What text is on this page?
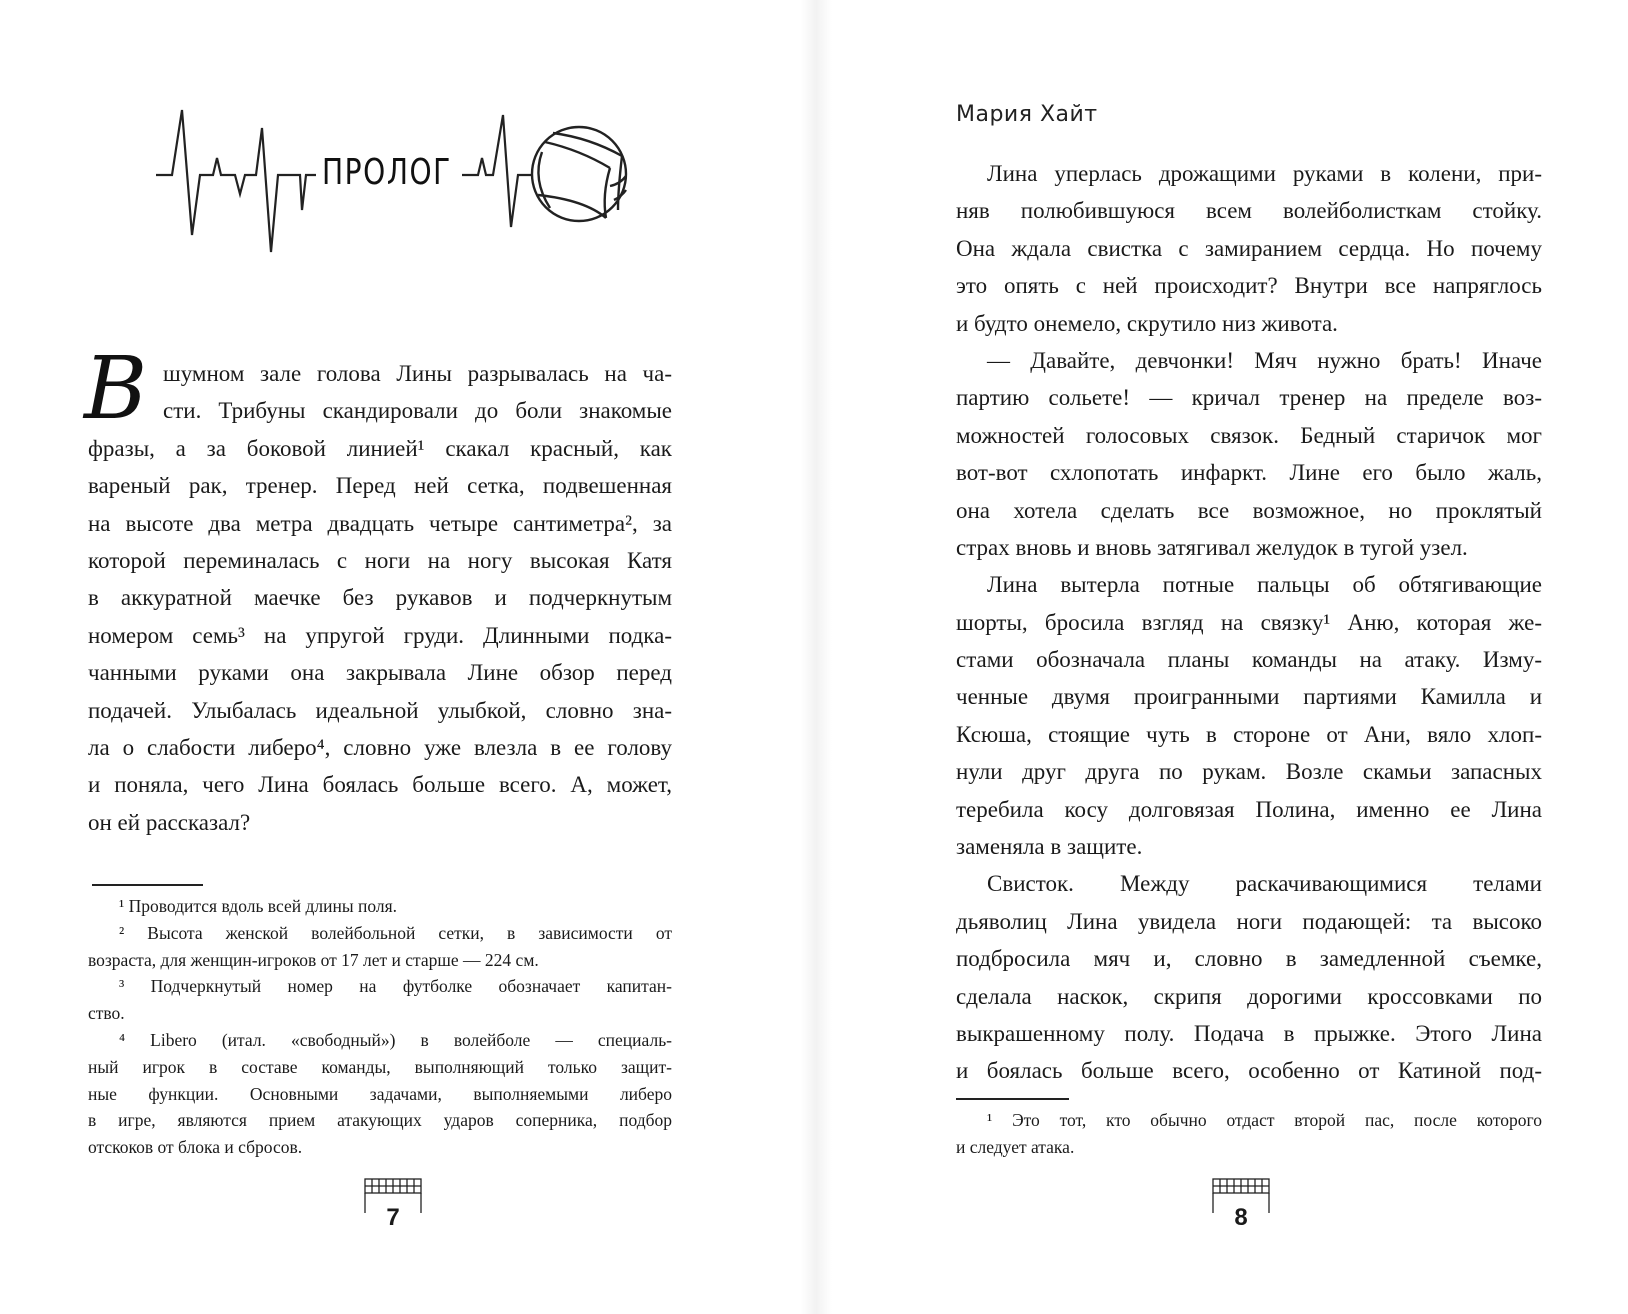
ПРОЛОГ
В шумном зале голова Лины разрывалась на ча-
сти. Трибуны скандировали до боли знакомые
фразы, а за боковой линией¹ скакал красный, как
вареный рак, тренер. Перед ней сетка, подвешенная
на высоте два метра двадцать четыре сантиметра², за
которой переминалась с ноги на ногу высокая Катя
в аккуратной маечке без рукавов и подчеркнутым
номером семь³ на упругой груди. Длинными подка-
чанными руками она закрывала Лине обзор перед
подачей. Улыбалась идеальной улыбкой, словно зна-
ла о слабости либеро⁴, словно уже влезла в ее голову
и поняла, чего Лина боялась больше всего. А, может,
он ей рассказал?
¹ Проводится вдоль всей длины поля.
² Высота женской волейбольной сетки, в зависимости от
возраста, для женщин-игроков от 17 лет и старше — 224 см.
³ Подчеркнутый номер на футболке обозначает капитан-
ство.
⁴ Libero (итал. «свободный») в волейболе — специаль-
ный игрок в составе команды, выполняющий только защит-
ные функции. Основными задачами, выполняемыми либеро
в игре, являются прием атакующих ударов соперника, подбор
отскоков от блока и сбросов.
7
Мария Хайт
Лина уперлась дрожащими руками в колени, при-
няв полюбившуюся всем волейболисткам стойку.
Она ждала свистка с замиранием сердца. Но почему
это опять с ней происходит? Внутри все напряглось
и будто онемело, скрутило низ живота.
— Давайте, девчонки! Мяч нужно брать! Иначе
партию сольете! — кричал тренер на пределе воз-
можностей голосовых связок. Бедный старичок мог
вот-вот схлопотать инфаркт. Лине его было жаль,
она хотела сделать все возможное, но проклятый
страх вновь и вновь затягивал желудок в тугой узел.
Лина вытерла потные пальцы об обтягивающие
шорты, бросила взгляд на связку¹ Аню, которая же-
стами обозначала планы команды на атаку. Изму-
ченные двумя проигранными партиями Камилла и
Ксюша, стоящие чуть в стороне от Ани, вяло хлоп-
нули друг друга по рукам. Возле скамьи запасных
теребила косу долговязая Полина, именно ее Лина
заменяла в защите.
Свисток. Между раскачивающимися телами
дьяволиц Лина увидела ноги подающей: та высоко
подбросила мяч и, словно в замедленной съемке,
сделала наскок, скрипя дорогими кроссовками по
выкрашенному полу. Подача в прыжке. Этого Лина
и боялась больше всего, особенно от Катиной под-
¹ Это тот, кто обычно отдаст второй пас, после которого
и следует атака.
8
